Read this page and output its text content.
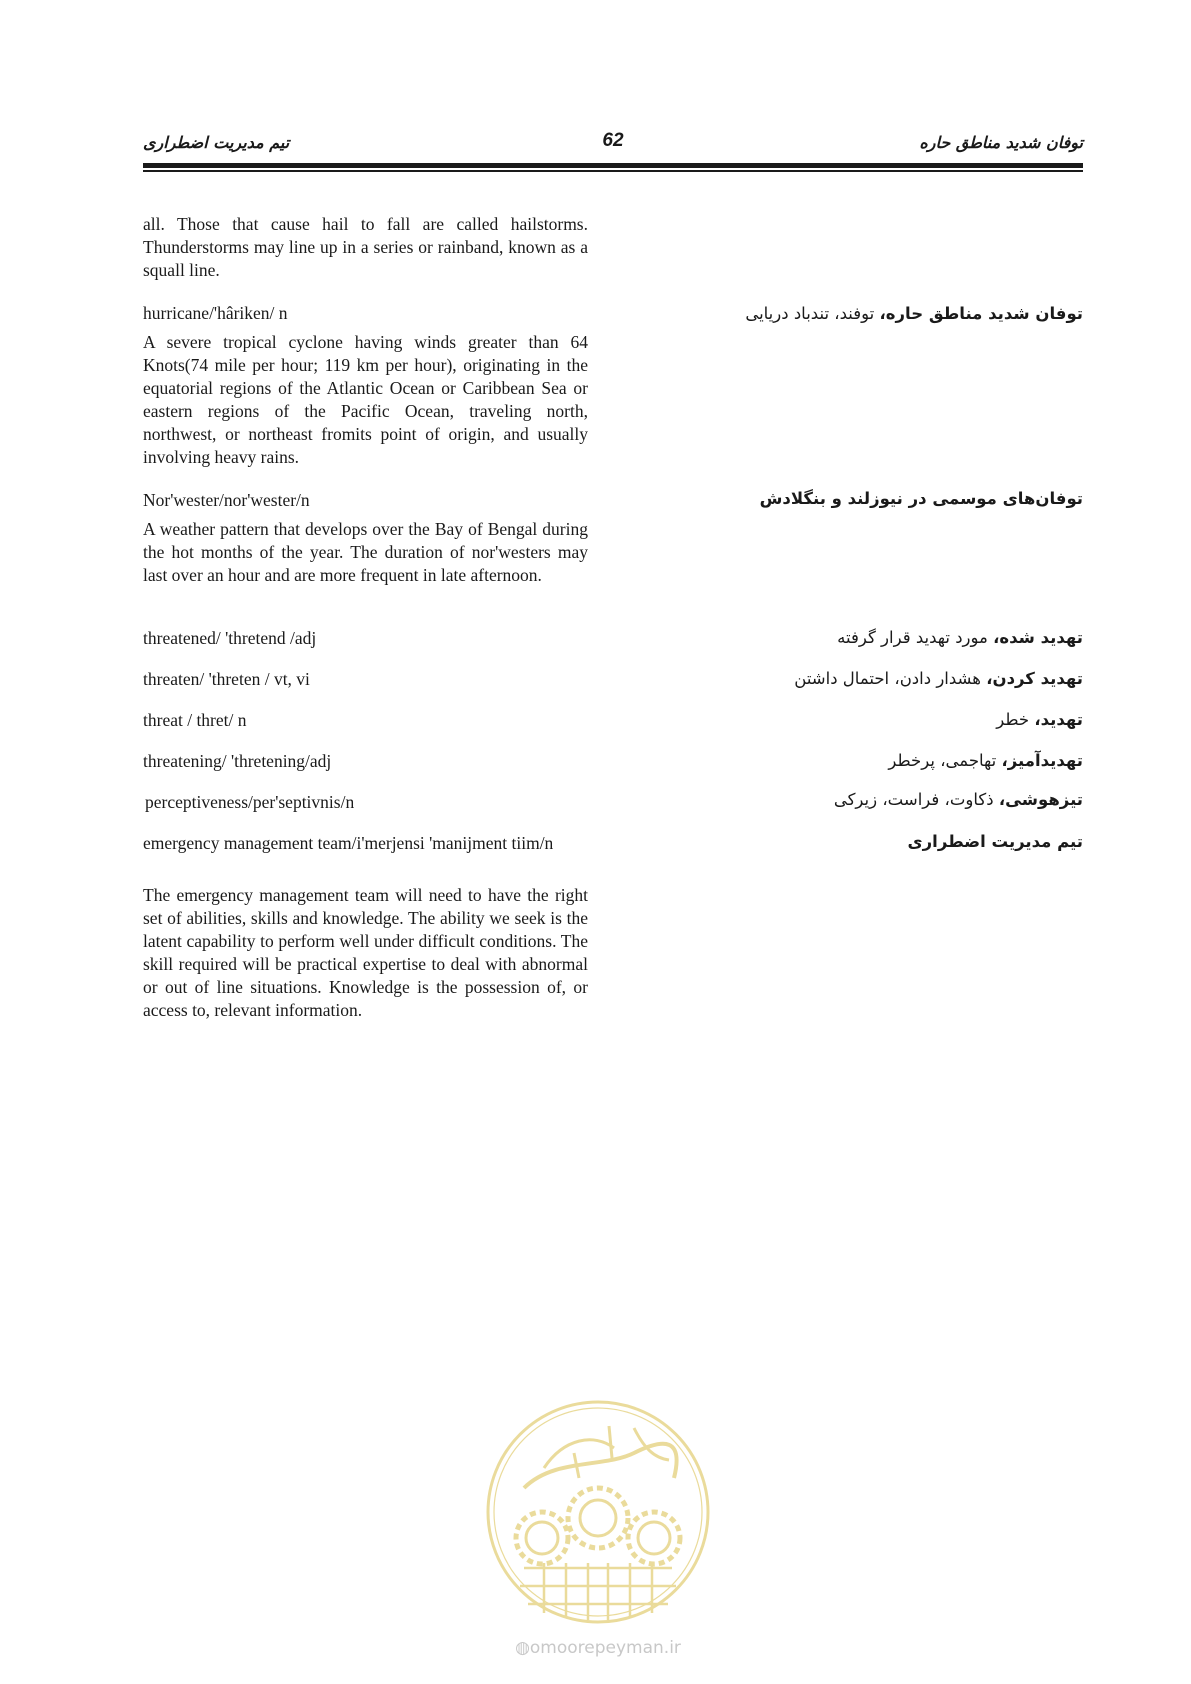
تیم مدیریت اضطراری	62	توفان شدید مناطق حاره
all. Those that cause hail to fall are called hailstorms. Thunderstorms may line up in a series or rainband, known as a squall line.
hurricane/'hâriken/ n
A severe tropical cyclone having winds greater than 64 Knots(74 mile per hour; 119 km per hour), originating in the equatorial regions of the Atlantic Ocean or Caribbean Sea or eastern regions of the Pacific Ocean, traveling north, northwest, or northeast fromits point of origin, and usually involving heavy rains.
Nor'wester/nor'wester/n
A weather pattern that develops over the Bay of Bengal during the hot months of the year. The duration of nor'westers may last over an hour and are more frequent in late afternoon.
threatened/ 'thretend /adj
threaten/ 'threten / vt, vi
threat / thret/ n
threatening/ 'thretening/adj
perceptiveness/per'septivnis/n
emergency management team/i'merjensi 'manijment tiim/n
The emergency management team will need to have the right set of abilities, skills and knowledge. The ability we seek is the latent capability to perform well under difficult conditions. The skill required will be practical expertise to deal with abnormal or out of line situations. Knowledge is the possession of, or access to, relevant information.
توفان شدید مناطق حاره، توفند، تندباد دریایی
توفان‌های موسمی در نیوزلند و بنگلادش
تهدید شده، مورد تهدید قرار گرفته
تهدید کردن، هشدار دادن، احتمال داشتن
تهدید، خطر
تهدیدآمیز، تهاجمی، پرخطر
تیزهوشی، ذکاوت، فراست، زیرکی
تیم مدیریت اضطراری
◍omoorepeyman.ir
